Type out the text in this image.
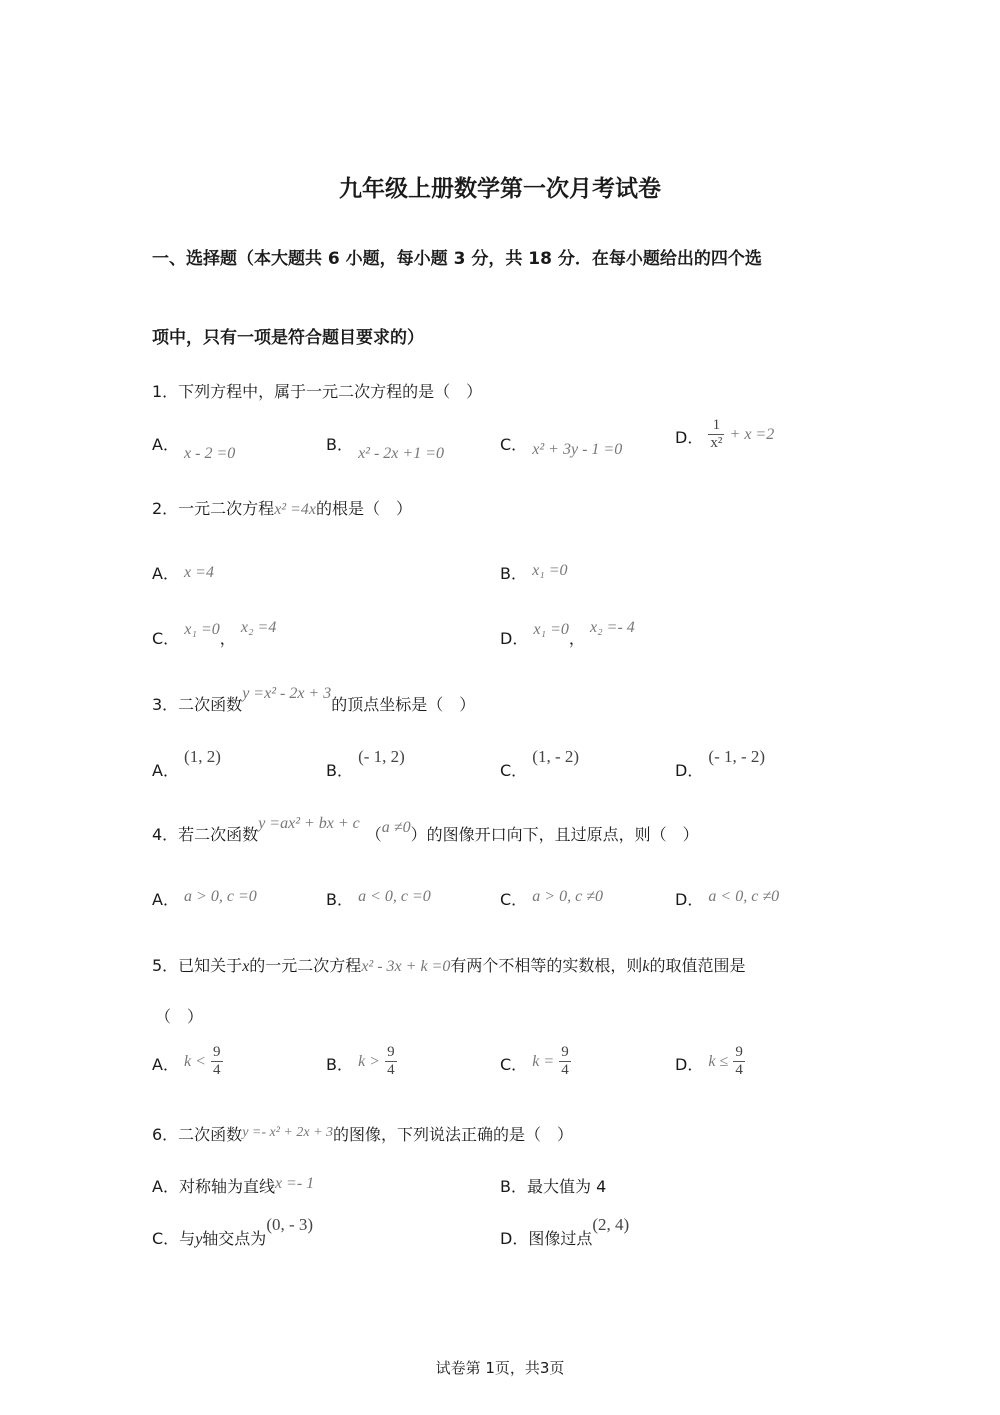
九年级上册数学第一次月考试卷
一、选择题（本大题共 6 小题，每小题 3 分，共 18 分．在每小题给出的四个选
项中，只有一项是符合题目要求的）
1．下列方程中，属于一元二次方程的是（　）
A． x - 2 =0	B． x² - 2x +1 =0	C． x² + 3y - 1 =0
D． $\frac{1}{\text{x²}} + x =2$
2．一元二次方程x² =4x的根是（　）
A． x =4	B． x₁ =0
C． x₁ =0， x₂ =4
D． x₁ =0， x₂ =- 4
3．二次函数y =x² - 2x + 3的顶点坐标是（　）
A． (1, 2)
B． (- 1, 2)
C． (1, - 2)
D． (- 1, - 2)
4．若二次函数y =ax² + bx + c（a ≠0）的图像开口向下，且过原点，则（　）
A． a > 0, c =0	B． a < 0, c =0	C． a > 0, c ≠0	D． a < 0, c ≠0
5．已知关于x的一元二次方程x² - 3x + k =0有两个不相等的实数根，则k的取值范围是
（　）
A． $k < \frac{9}{4}$	B． $k > \frac{9}{4}$	C． $k = \frac{9}{4}$	D． $k \le \frac{9}{4}$
6．二次函数y =- x² + 2x + 3的图像，下列说法正确的是（　）
A．对称轴为直线x =- 1	B．最大值为 4
C．与y轴交点为(0, - 3)
D．图像过点(2, 4)
试卷第 1页，共3页
